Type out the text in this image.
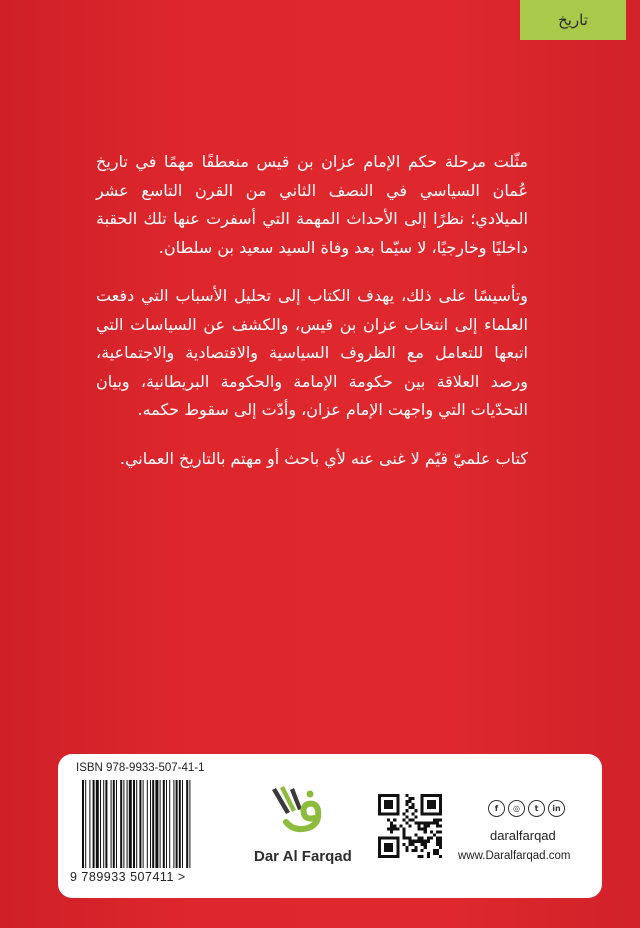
تاريخ

مثّلت مرحلة حكم الإمام عزان بن قيس منعطفًا مهمًا في تاريخ عُمان السياسي في النصف الثاني من القرن التاسع عشر الميلادي؛ نظرًا إلى الأحداث المهمة التي أسفرت عنها تلك الحقبة داخليًا وخارجيًا، لا سيّما بعد وفاة السيد سعيد بن سلطان.

وتأسيسًا على ذلك، يهدف الكتاب إلى تحليل الأسباب التي دفعت العلماء إلى انتخاب عزان بن قيس، والكشف عن السياسات التي اتبعها للتعامل مع الظروف السياسية والاقتصادية والاجتماعية، ورصد العلاقة بين حكومة الإمامة والحكومة البريطانية، وبيان التحدّيات التي واجهت الإمام عزان، وأدّت إلى سقوط حكمه.

كتاب علميّ قيّم لا غنى عنه لأي باحث أو مهتم بالتاريخ العماني.

ISBN 978-9933-507-41-1
9 789933 507411 >
Dar Al Farqad
f	◎	t	in
daralfarqad
www.Daralfarqad.com
